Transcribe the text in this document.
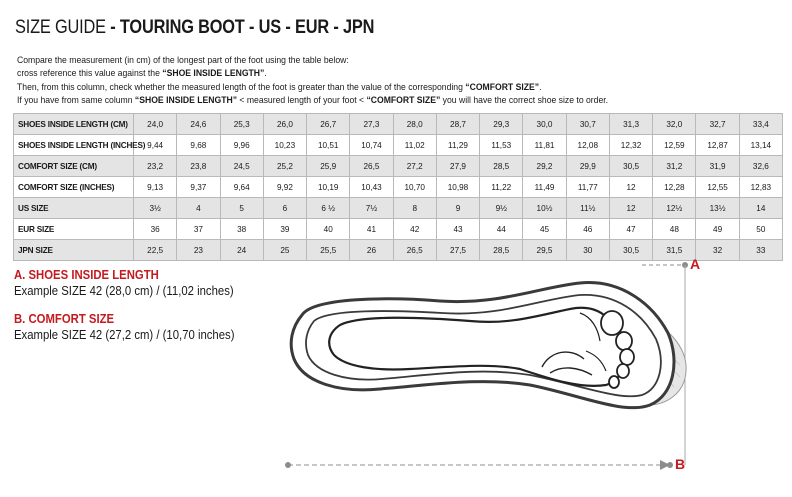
SIZE GUIDE - TOURING BOOT - US - EUR - JPN

Compare the measurement (in cm) of the longest part of the foot using the table below:

cross reference this value against the “SHOE INSIDE LENGTH”.

Then, from this column, check whether the measured length of the foot is greater than the value of the corresponding “COMFORT SIZE”.

If you have from same column “SHOE INSIDE LENGTH” < measured length of your foot < “COMFORT SIZE” you will have the correct shoe size to order.

SHOES INSIDE LENGTH (CM)	24,0	24,6	25,3	26,0	26,7	27,3	28,0	28,7	29,3	30,0	30,7	31,3	32,0	32,7	33,4
SHOES INSIDE LENGTH (INCHES)	9,44	9,68	9,96	10,23	10,51	10,74	11,02	11,29	11,53	11,81	12,08	12,32	12,59	12,87	13,14
COMFORT SIZE (CM)	23,2	23,8	24,5	25,2	25,9	26,5	27,2	27,9	28,5	29,2	29,9	30,5	31,2	31,9	32,6
COMFORT SIZE (INCHES)	9,13	9,37	9,64	9,92	10,19	10,43	10,70	10,98	11,22	11,49	11,77	12	12,28	12,55	12,83
US SIZE	3½	4	5	6	6 ½	7½	8	9	9½	10½	11½	12	12½	13½	14
EUR SIZE	36	37	38	39	40	41	42	43	44	45	46	47	48	49	50
JPN SIZE	22,5	23	24	25	25,5	26	26,5	27,5	28,5	29,5	30	30,5	31,5	32	33
A. SHOES INSIDE LENGTH
Example SIZE 42 (28,0 cm) / (11,02 inches)
B. COMFORT SIZE
Example SIZE 42 (27,2 cm) / (10,70 inches)
A
B
